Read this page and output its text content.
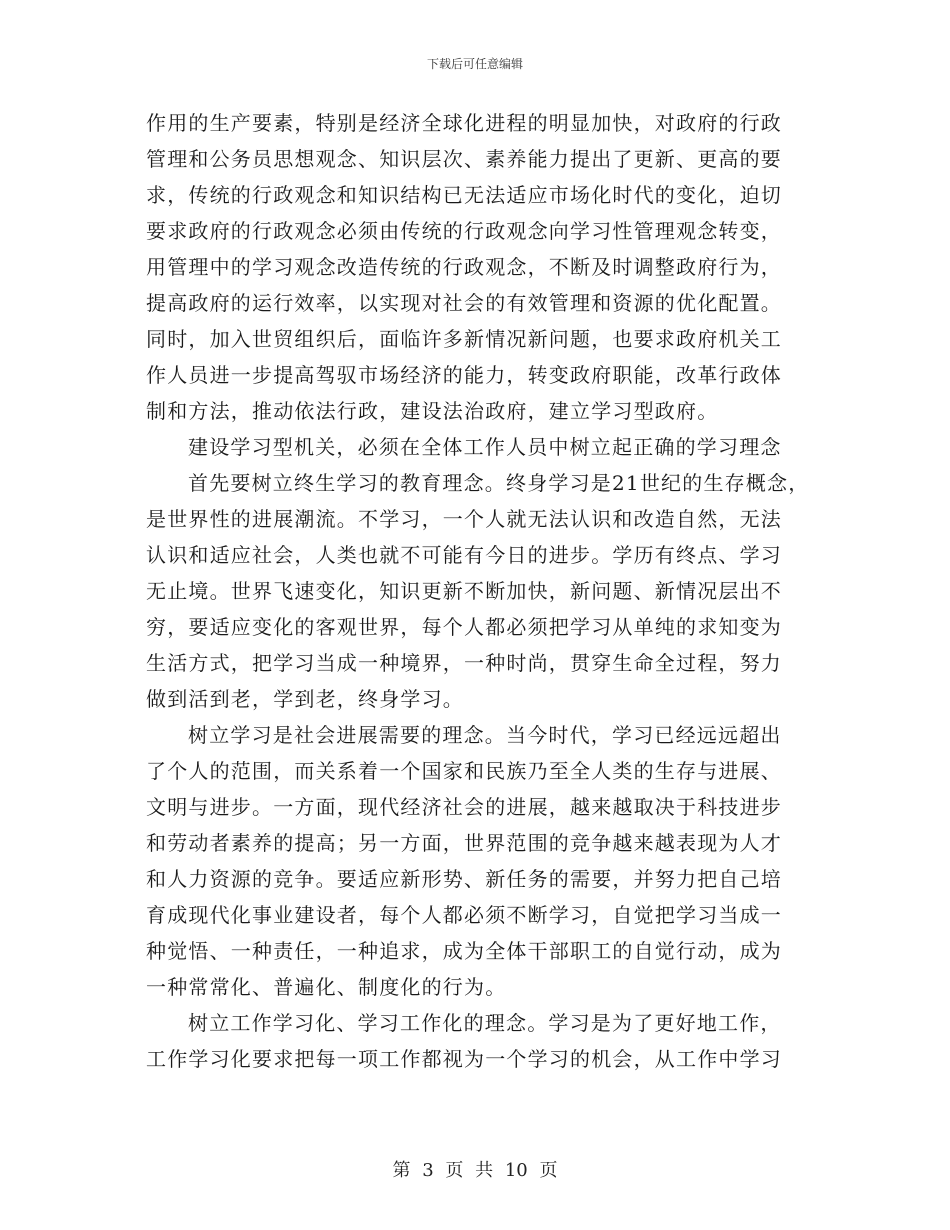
下载后可任意编辑
作用的生产要素，特别是经济全球化进程的明显加快，对政府的行政
管理和公务员思想观念、知识层次、素养能力提出了更新、更高的要
求，传统的行政观念和知识结构已无法适应市场化时代的变化，迫切
要求政府的行政观念必须由传统的行政观念向学习性管理观念转变，
用管理中的学习观念改造传统的行政观念，不断及时调整政府行为，
提高政府的运行效率，以实现对社会的有效管理和资源的优化配置。
同时，加入世贸组织后，面临许多新情况新问题，也要求政府机关工
作人员进一步提高驾驭市场经济的能力，转变政府职能，改革行政体
制和方法，推动依法行政，建设法治政府，建立学习型政府。
建设学习型机关，必须在全体工作人员中树立起正确的学习理念
首先要树立终生学习的教育理念。终身学习是21世纪的生存概念，
是世界性的进展潮流。不学习，一个人就无法认识和改造自然，无法
认识和适应社会，人类也就不可能有今日的进步。学历有终点、学习
无止境。世界飞速变化，知识更新不断加快，新问题、新情况层出不
穷，要适应变化的客观世界，每个人都必须把学习从单纯的求知变为
生活方式，把学习当成一种境界，一种时尚，贯穿生命全过程，努力
做到活到老，学到老，终身学习。
树立学习是社会进展需要的理念。当今时代，学习已经远远超出
了个人的范围，而关系着一个国家和民族乃至全人类的生存与进展、
文明与进步。一方面，现代经济社会的进展，越来越取决于科技进步
和劳动者素养的提高；另一方面，世界范围的竞争越来越表现为人才
和人力资源的竞争。要适应新形势、新任务的需要，并努力把自己培
育成现代化事业建设者，每个人都必须不断学习，自觉把学习当成一
种觉悟、一种责任，一种追求，成为全体干部职工的自觉行动，成为
一种常常化、普遍化、制度化的行为。
树立工作学习化、学习工作化的理念。学习是为了更好地工作，
工作学习化要求把每一项工作都视为一个学习的机会，从工作中学习
第 3 页 共 10 页
